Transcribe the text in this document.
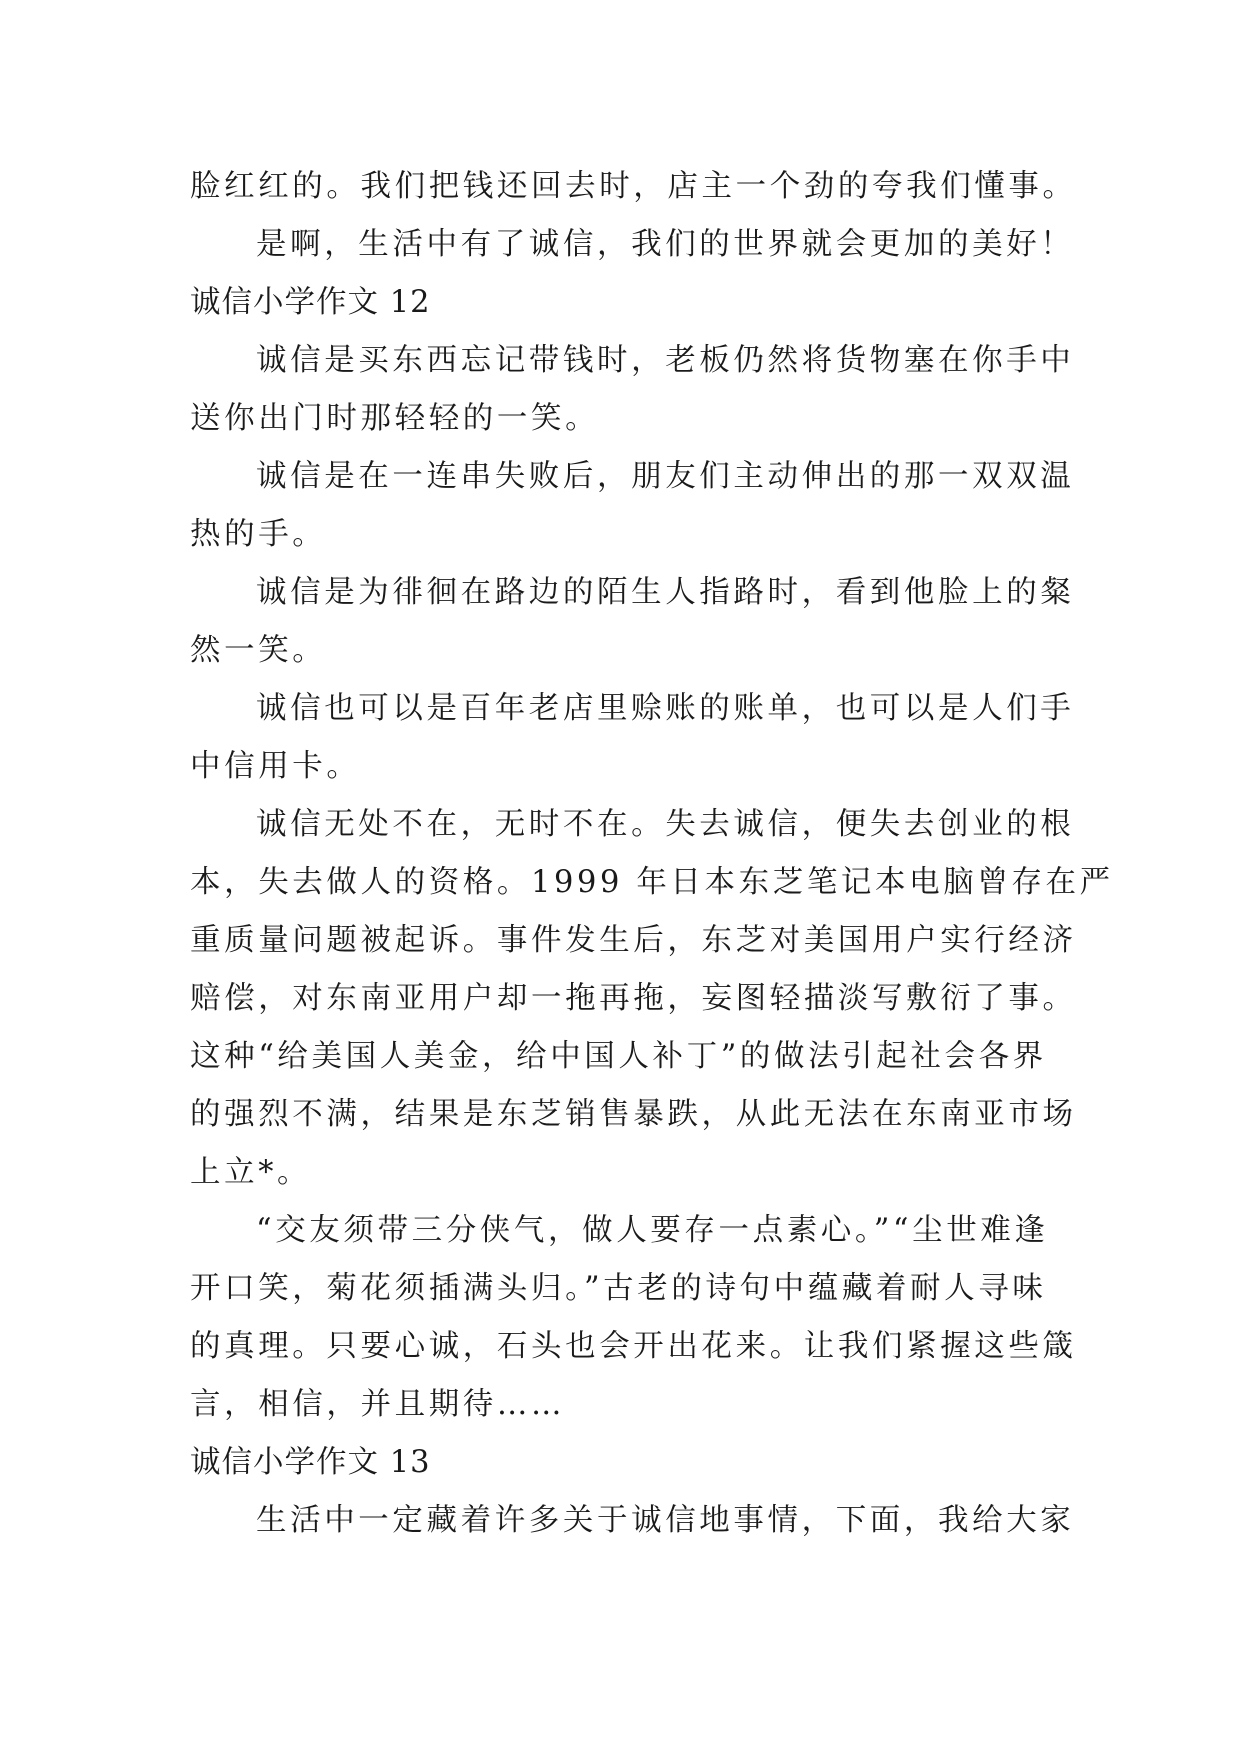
脸红红的。我们把钱还回去时，店主一个劲的夸我们懂事。
是啊，生活中有了诚信，我们的世界就会更加的美好！
诚信小学作文 12
诚信是买东西忘记带钱时，老板仍然将货物塞在你手中
送你出门时那轻轻的一笑。
诚信是在一连串失败后，朋友们主动伸出的那一双双温
热的手。
诚信是为徘徊在路边的陌生人指路时，看到他脸上的粲
然一笑。
诚信也可以是百年老店里赊账的账单，也可以是人们手
中信用卡。
诚信无处不在，无时不在。失去诚信，便失去创业的根
本，失去做人的资格。1999 年日本东芝笔记本电脑曾存在严
重质量问题被起诉。事件发生后，东芝对美国用户实行经济
赔偿，对东南亚用户却一拖再拖，妄图轻描淡写敷衍了事。
这种“给美国人美金，给中国人补丁”的做法引起社会各界
的强烈不满，结果是东芝销售暴跌，从此无法在东南亚市场
上立*。
“交友须带三分侠气，做人要存一点素心。”“尘世难逢
开口笑，菊花须插满头归。”古老的诗句中蕴藏着耐人寻味
的真理。只要心诚，石头也会开出花来。让我们紧握这些箴
言，相信，并且期待……
诚信小学作文 13
生活中一定藏着许多关于诚信地事情，下面，我给大家
